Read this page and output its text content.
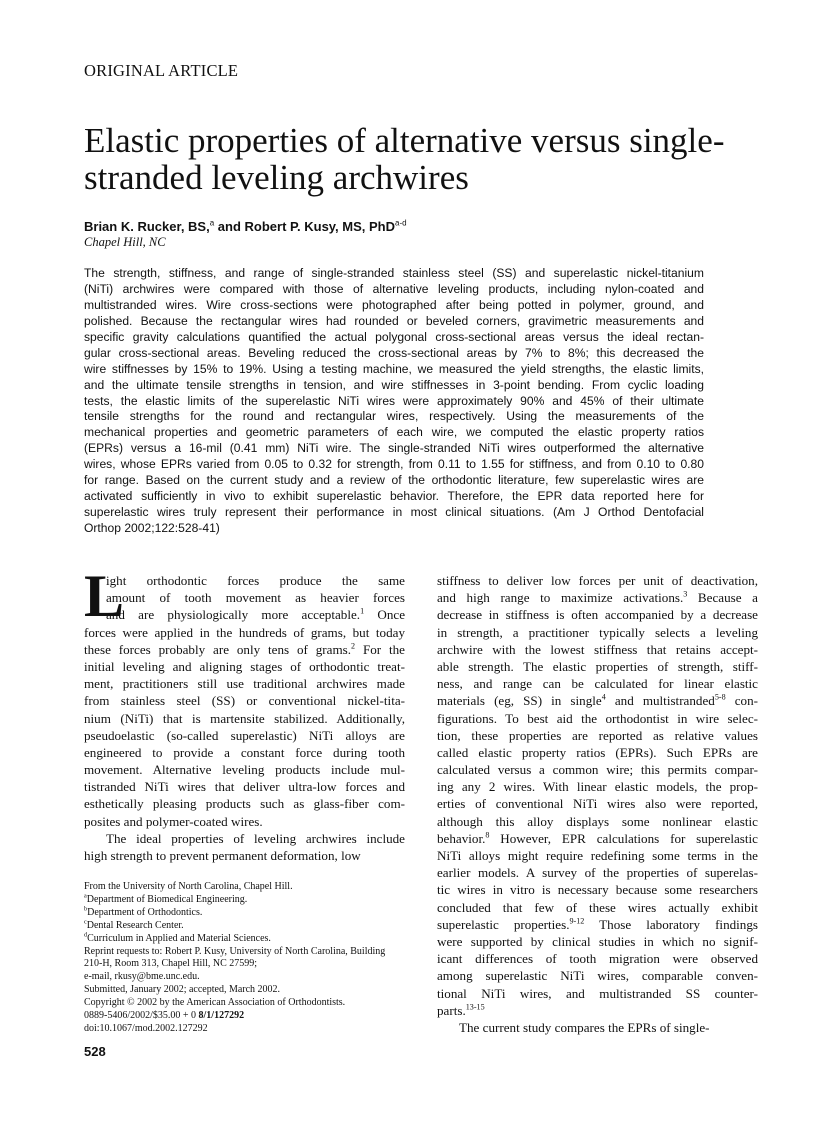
ORIGINAL ARTICLE
Elastic properties of alternative versus single-
stranded leveling archwires
Brian K. Rucker, BS,$^a$ and Robert P. Kusy, MS, PhD$^{a-d}$
Chapel Hill, NC
The strength, stiffness, and range of single-stranded stainless steel (SS) and superelastic nickel-titanium
(NiTi) archwires were compared with those of alternative leveling products, including nylon-coated and
multistranded wires. Wire cross-sections were photographed after being potted in polymer, ground, and
polished. Because the rectangular wires had rounded or beveled corners, gravimetric measurements and
specific gravity calculations quantified the actual polygonal cross-sectional areas versus the ideal rectan-
gular cross-sectional areas. Beveling reduced the cross-sectional areas by 7% to 8%; this decreased the
wire stiffnesses by 15% to 19%. Using a testing machine, we measured the yield strengths, the elastic limits,
and the ultimate tensile strengths in tension, and wire stiffnesses in 3-point bending. From cyclic loading
tests, the elastic limits of the superelastic NiTi wires were approximately 90% and 45% of their ultimate
tensile strengths for the round and rectangular wires, respectively. Using the measurements of the
mechanical properties and geometric parameters of each wire, we computed the elastic property ratios
(EPRs) versus a 16-mil (0.41 mm) NiTi wire. The single-stranded NiTi wires outperformed the alternative
wires, whose EPRs varied from 0.05 to 0.32 for strength, from 0.11 to 1.55 for stiffness, and from 0.10 to 0.80
for range. Based on the current study and a review of the orthodontic literature, few superelastic wires are
activated sufficiently in vivo to exhibit superelastic behavior. Therefore, the EPR data reported here for
superelastic wires truly represent their performance in most clinical situations. (Am J Orthod Dentofacial
Orthop 2002;122:528-41)
L
ight orthodontic forces produce the same
amount of tooth movement as heavier forces
and are physiologically more acceptable.$^1$ Once
forces were applied in the hundreds of grams, but today
these forces probably are only tens of grams.$^2$ For the
initial leveling and aligning stages of orthodontic treat-
ment, practitioners still use traditional archwires made
from stainless steel (SS) or conventional nickel-tita-
nium (NiTi) that is martensite stabilized. Additionally,
pseudoelastic (so-called superelastic) NiTi alloys are
engineered to provide a constant force during tooth
movement. Alternative leveling products include mul-
tistranded NiTi wires that deliver ultra-low forces and
esthetically pleasing products such as glass-fiber com-
posites and polymer-coated wires.
The ideal properties of leveling archwires include
high strength to prevent permanent deformation, low
stiffness to deliver low forces per unit of deactivation,
and high range to maximize activations.$^3$ Because a
decrease in stiffness is often accompanied by a decrease
in strength, a practitioner typically selects a leveling
archwire with the lowest stiffness that retains accept-
able strength. The elastic properties of strength, stiff-
ness, and range can be calculated for linear elastic
materials (eg, SS) in single$^4$ and multistranded$^{5-8}$ con-
figurations. To best aid the orthodontist in wire selec-
tion, these properties are reported as relative values
called elastic property ratios (EPRs). Such EPRs are
calculated versus a common wire; this permits compar-
ing any 2 wires. With linear elastic models, the prop-
erties of conventional NiTi wires also were reported,
although this alloy displays some nonlinear elastic
behavior.$^8$ However, EPR calculations for superelastic
NiTi alloys might require redefining some terms in the
earlier models. A survey of the properties of superelas-
tic wires in vitro is necessary because some researchers
concluded that few of these wires actually exhibit
superelastic properties.$^{9-12}$ Those laboratory findings
were supported by clinical studies in which no signif-
icant differences of tooth migration were observed
among superelastic NiTi wires, comparable conven-
tional NiTi wires, and multistranded SS counter-
parts.$^{13-15}$
The current study compares the EPRs of single-
From the University of North Carolina, Chapel Hill.
$^a$Department of Biomedical Engineering.
$^b$Department of Orthodontics.
$^c$Dental Research Center.
$^d$Curriculum in Applied and Material Sciences.
Reprint requests to: Robert P. Kusy, University of North Carolina, Building
210-H, Room 313, Chapel Hill, NC 27599;
e-mail, rkusy@bme.unc.edu.
Submitted, January 2002; accepted, March 2002.
Copyright © 2002 by the American Association of Orthodontists.
0889-5406/2002/$35.00 + 0 8/1/127292
doi:10.1067/mod.2002.127292
528
